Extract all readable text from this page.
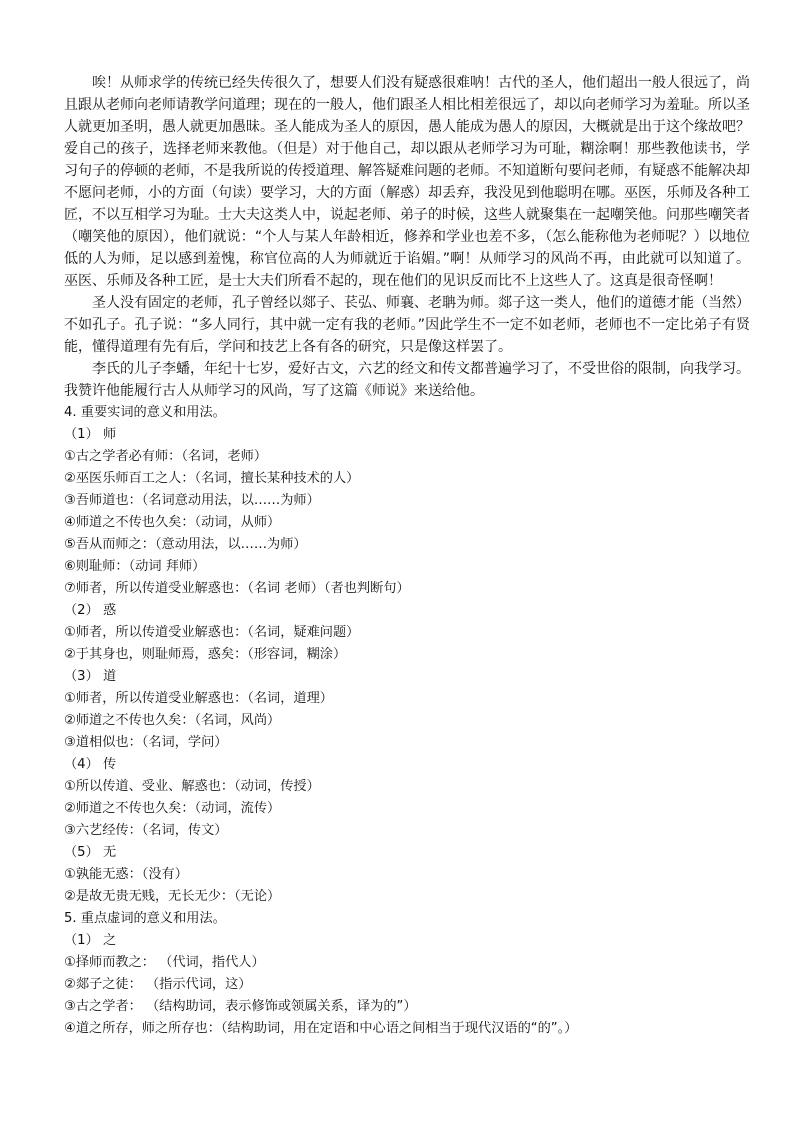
唉！从师求学的传统已经失传很久了，想要人们没有疑惑很难呐！古代的圣人，他们超出一般人很远了，尚且跟从老师向老师请教学问道理；现在的一般人，他们跟圣人相比相差很远了，却以向老师学习为羞耻。所以圣人就更加圣明，愚人就更加愚昧。圣人能成为圣人的原因，愚人能成为愚人的原因，大概就是出于这个缘故吧？爱自己的孩子，选择老师来教他。（但是）对于他自己，却以跟从老师学习为可耻，糊涂啊！那些教他读书，学习句子的停顿的老师，不是我所说的传授道理、解答疑难问题的老师。不知道断句要问老师，有疑惑不能解决却不愿问老师，小的方面（句读）要学习，大的方面（解惑）却丢弃，我没见到他聪明在哪。巫医，乐师及各种工匠，不以互相学习为耻。士大夫这类人中，说起老师、弟子的时候，这些人就聚集在一起嘲笑他。问那些嘲笑者（嘲笑他的原因），他们就说：“个人与某人年龄相近，修养和学业也差不多，（怎么能称他为老师呢？）以地位低的人为师，足以感到羞愧，称官位高的人为师就近于谄媚。”啊！从师学习的风尚不再，由此就可以知道了。巫医、乐师及各种工匠，是士大夫们所看不起的，现在他们的见识反而比不上这些人了。这真是很奇怪啊！

圣人没有固定的老师，孔子曾经以郯子、苌弘、师襄、老聃为师。郯子这一类人，他们的道德才能（当然）不如孔子。孔子说：“多人同行，其中就一定有我的老师。”因此学生不一定不如老师，老师也不一定比弟子有贤能，懂得道理有先有后，学问和技艺上各有各的研究，只是像这样罢了。

李氏的儿子李蟠，年纪十七岁，爱好古文，六艺的经文和传文都普遍学习了，不受世俗的限制，向我学习。我赞许他能履行古人从师学习的风尚，写了这篇《师说》来送给他。

4. 重要实词的意义和用法。

（1） 师

①古之学者必有师：（名词，老师）

②巫医乐师百工之人：（名词，擅长某种技术的人）

③吾师道也：（名词意动用法，以……为师）

④师道之不传也久矣：（动词，从师）

⑤吾从而师之：（意动用法，以……为师）

⑥则耻师：（动词 拜师）

⑦师者，所以传道受业解惑也：（名词 老师）（者也判断句）

（2） 惑

①师者，所以传道受业解惑也：（名词，疑难问题）

②于其身也，则耻师焉，惑矣：（形容词，糊涂）

（3） 道

①师者，所以传道受业解惑也：（名词，道理）

②师道之不传也久矣：（名词，风尚）

③道相似也：（名词，学问）

（4） 传

①所以传道、受业、解惑也：（动词，传授）

②师道之不传也久矣：（动词，流传）

③六艺经传：（名词，传文）

（5） 无

①孰能无惑：（没有）

②是故无贵无贱，无长无少：（无论）

5. 重点虚词的意义和用法。

（1） 之

①择师而教之： （代词，指代人）

②郯子之徒： （指示代词，这）

③古之学者： （结构助词，表示修饰或领属关系，译为的”）

④道之所存，师之所存也：（结构助词，用在定语和中心语之间相当于现代汉语的“的”。）
